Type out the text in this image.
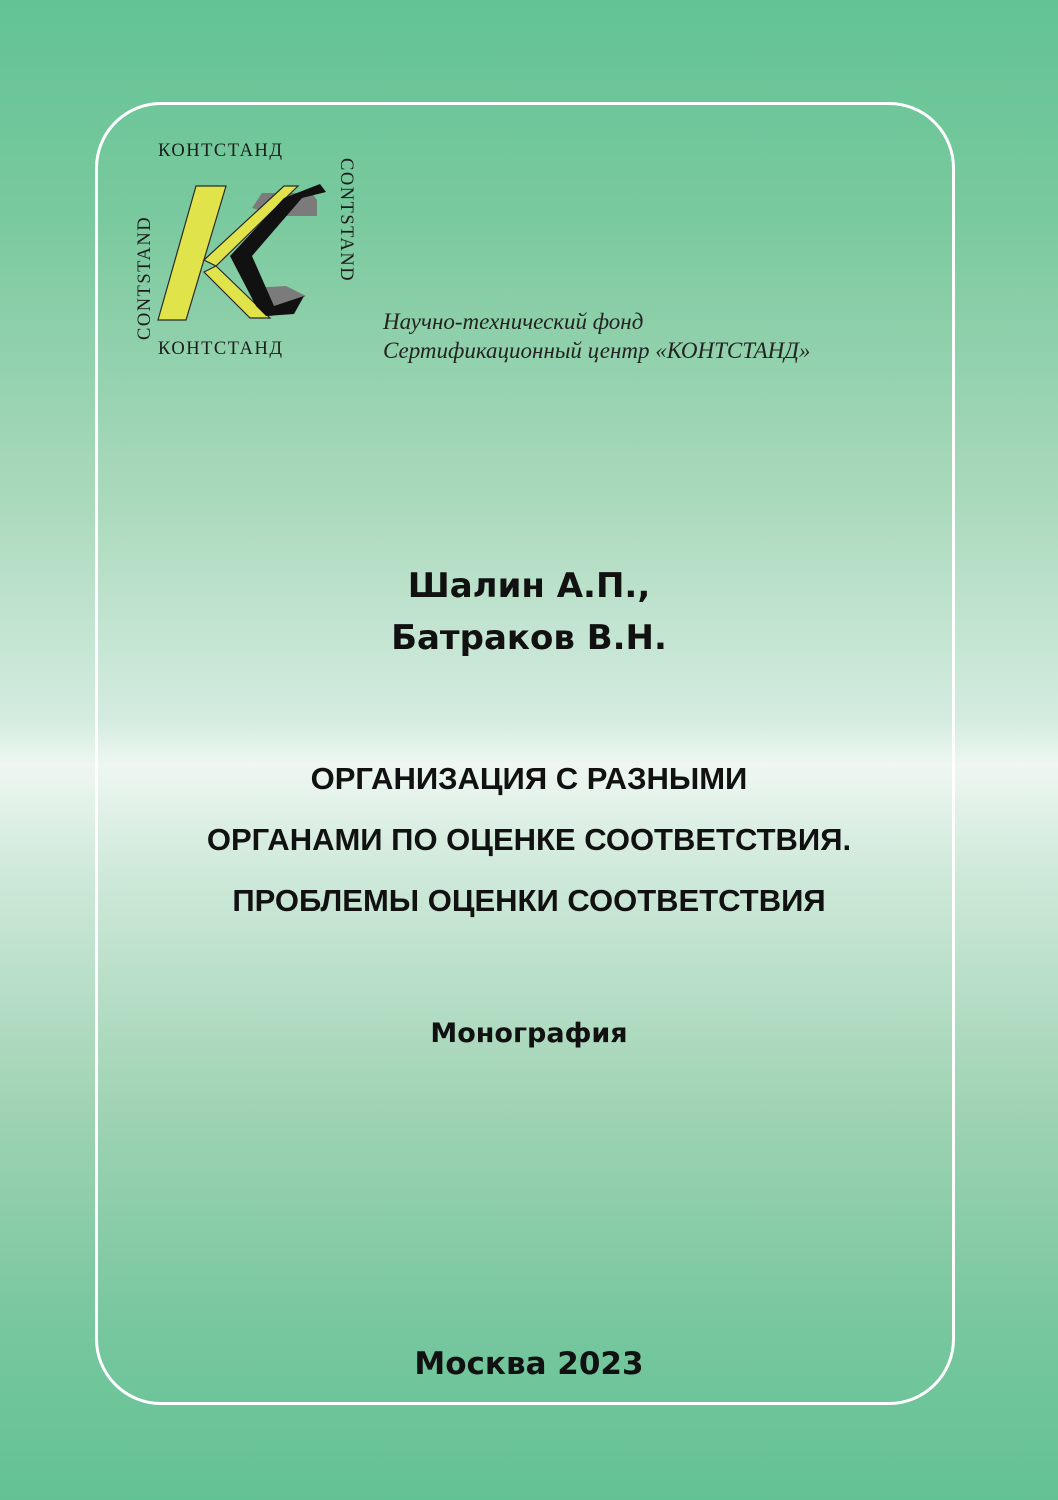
КОНТСТАНД
КОНТСТАНД
CONTSTAND	CONTSTAND
Научно-технический фонд
Сертификационный центр «КОНТСТАНД»
Шалин А.П.,
Батраков В.Н.
ОРГАНИЗАЦИЯ С РАЗНЫМИ
ОРГАНАМИ ПО ОЦЕНКЕ СООТВЕТСТВИЯ.
ПРОБЛЕМЫ ОЦЕНКИ СООТВЕТСТВИЯ
Монография
Москва 2023
